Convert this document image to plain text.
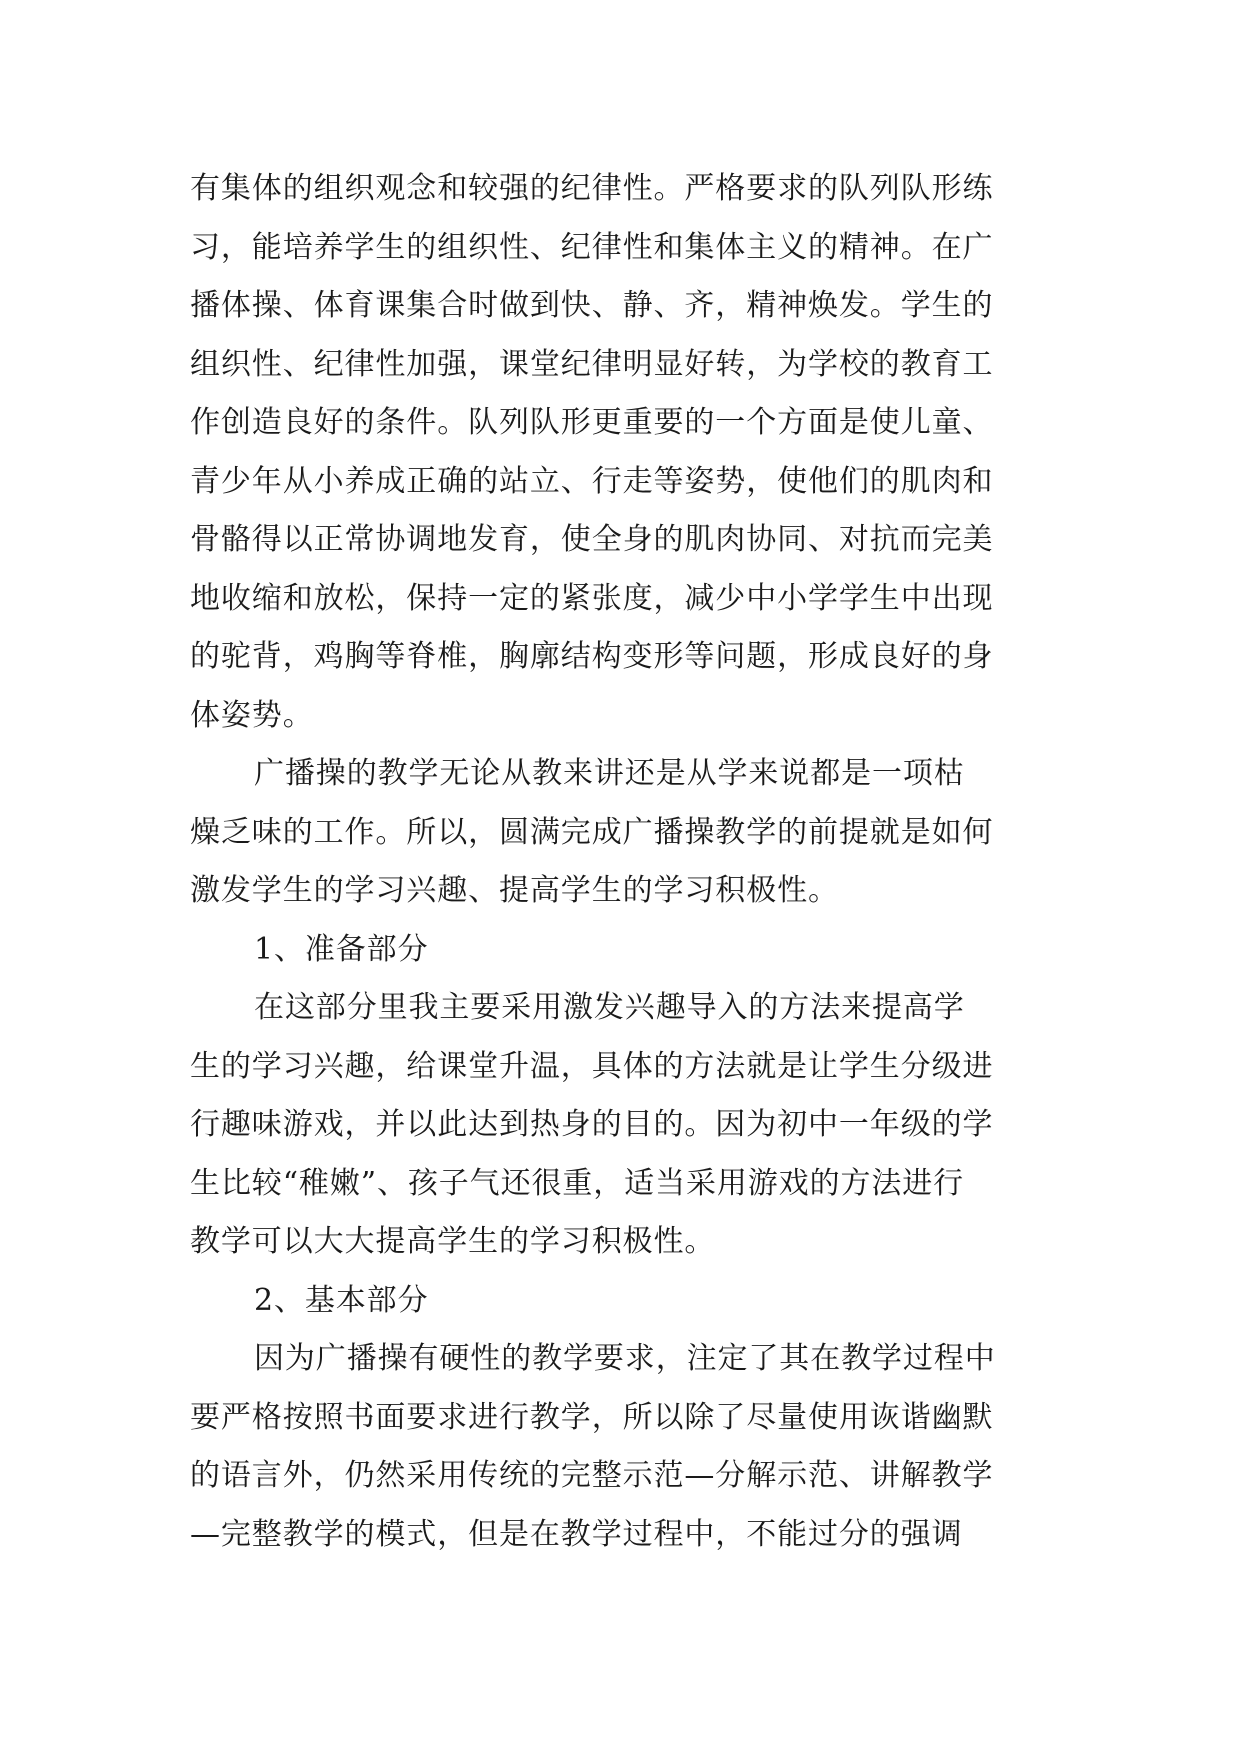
有集体的组织观念和较强的纪律性。严格要求的队列队形练
习，能培养学生的组织性、纪律性和集体主义的精神。在广
播体操、体育课集合时做到快、静、齐，精神焕发。学生的
组织性、纪律性加强，课堂纪律明显好转，为学校的教育工
作创造良好的条件。队列队形更重要的一个方面是使儿童、
青少年从小养成正确的站立、行走等姿势，使他们的肌肉和
骨骼得以正常协调地发育，使全身的肌肉协同、对抗而完美
地收缩和放松，保持一定的紧张度，减少中小学学生中出现
的驼背，鸡胸等脊椎，胸廓结构变形等问题，形成良好的身
体姿势。
广播操的教学无论从教来讲还是从学来说都是一项枯
燥乏味的工作。所以，圆满完成广播操教学的前提就是如何
激发学生的学习兴趣、提高学生的学习积极性。
1、准备部分
在这部分里我主要采用激发兴趣导入的方法来提高学
生的学习兴趣，给课堂升温，具体的方法就是让学生分级进
行趣味游戏，并以此达到热身的目的。因为初中一年级的学
生比较“稚嫩”、孩子气还很重，适当采用游戏的方法进行
教学可以大大提高学生的学习积极性。
2、基本部分
因为广播操有硬性的教学要求，注定了其在教学过程中
要严格按照书面要求进行教学，所以除了尽量使用诙谐幽默
的语言外，仍然采用传统的完整示范—分解示范、讲解教学
—完整教学的模式，但是在教学过程中，不能过分的强调
